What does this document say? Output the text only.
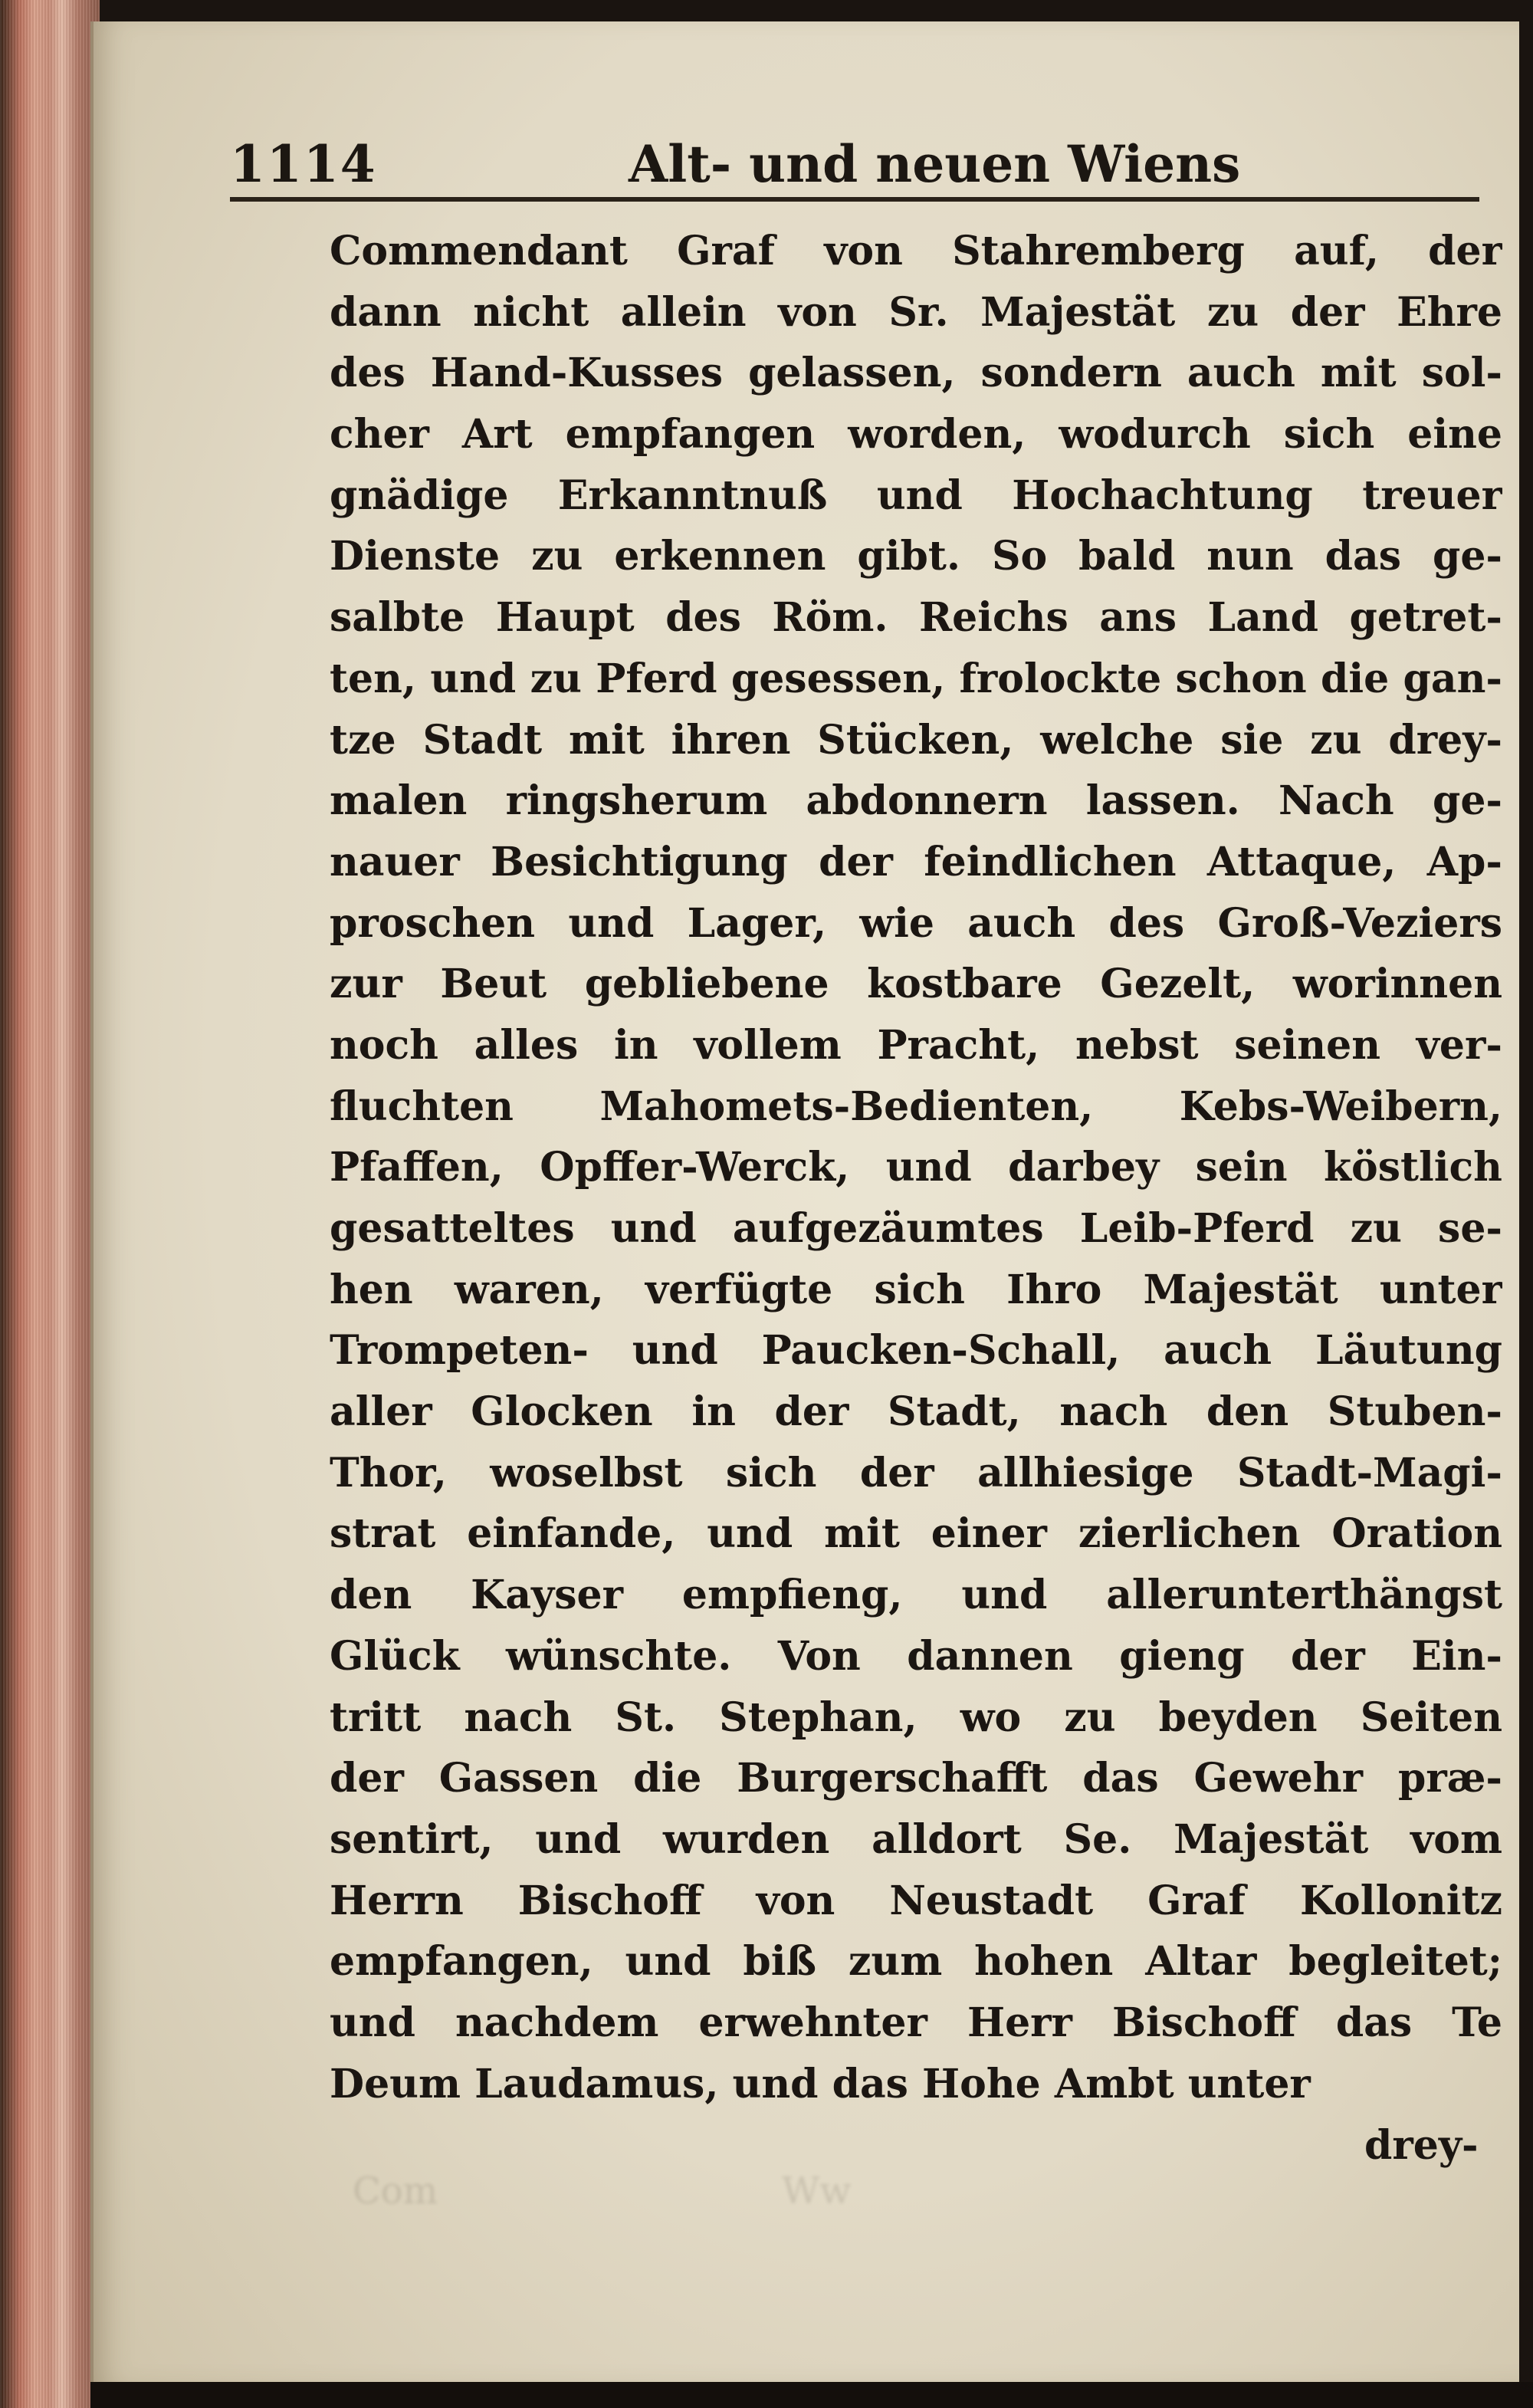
1114	Alt- und neuen Wiens
Commendant Graf von Stahremberg auf, der
dann nicht allein von Sr. Majestät zu der Ehre
des Hand-Kusses gelassen, sondern auch mit sol-
cher Art empfangen worden, wodurch sich eine
gnädige Erkanntnuß und Hochachtung treuer
Dienste zu erkennen gibt. So bald nun das ge-
salbte Haupt des Röm. Reichs ans Land getret-
ten, und zu Pferd gesessen, frolockte schon die gan-
tze Stadt mit ihren Stücken, welche sie zu drey-
malen ringsherum abdonnern lassen. Nach ge-
nauer Besichtigung der feindlichen Attaque, Ap-
proschen und Lager, wie auch des Groß-Veziers
zur Beut gebliebene kostbare Gezelt, worinnen
noch alles in vollem Pracht, nebst seinen ver-
fluchten Mahomets-Bedienten, Kebs-Weibern,
Pfaffen, Opffer-Werck, und darbey sein köstlich
gesatteltes und aufgezäumtes Leib-Pferd zu se-
hen waren, verfügte sich Ihro Majestät unter
Trompeten- und Paucken-Schall, auch Läutung
aller Glocken in der Stadt, nach den Stuben-
Thor, woselbst sich der allhiesige Stadt-Magi-
strat einfande, und mit einer zierlichen Oration
den Kayser empfieng, und allerunterthängst
Glück wünschte. Von dannen gieng der Ein-
tritt nach St. Stephan, wo zu beyden Seiten
der Gassen die Burgerschafft das Gewehr præ-
sentirt, und wurden alldort Se. Majestät vom
Herrn Bischoff von Neustadt Graf Kollonitz
empfangen, und biß zum hohen Altar begleitet;
und nachdem erwehnter Herr Bischoff das Te
Deum Laudamus, und das Hohe Ambt unter
drey-
Com	Ww
